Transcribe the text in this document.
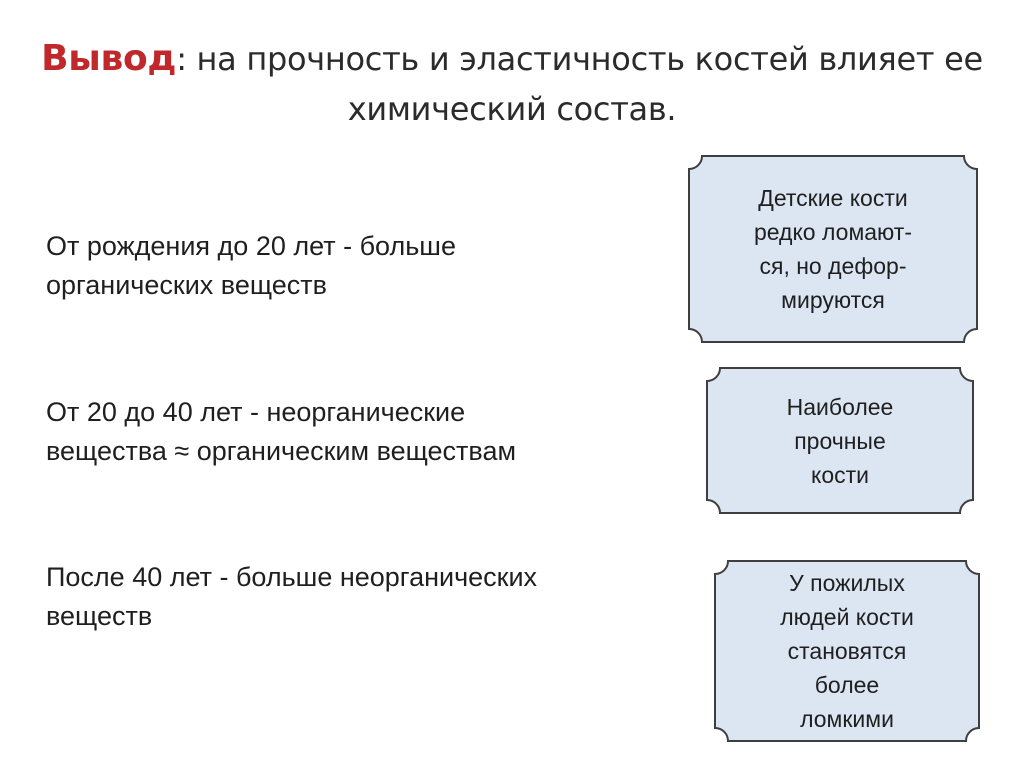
Вывод: на прочность и эластичность костей влияет ее
химический состав.
От рождения до 20 лет - больше
органических веществ
От 20 до 40 лет - неорганические
вещества ≈ органическим веществам
После 40 лет - больше неорганических
веществ
Детские кости
редко ломают-
ся, но дефор-
мируются
Наиболее
прочные
кости
У пожилых
людей кости
становятся
более
ломкими
